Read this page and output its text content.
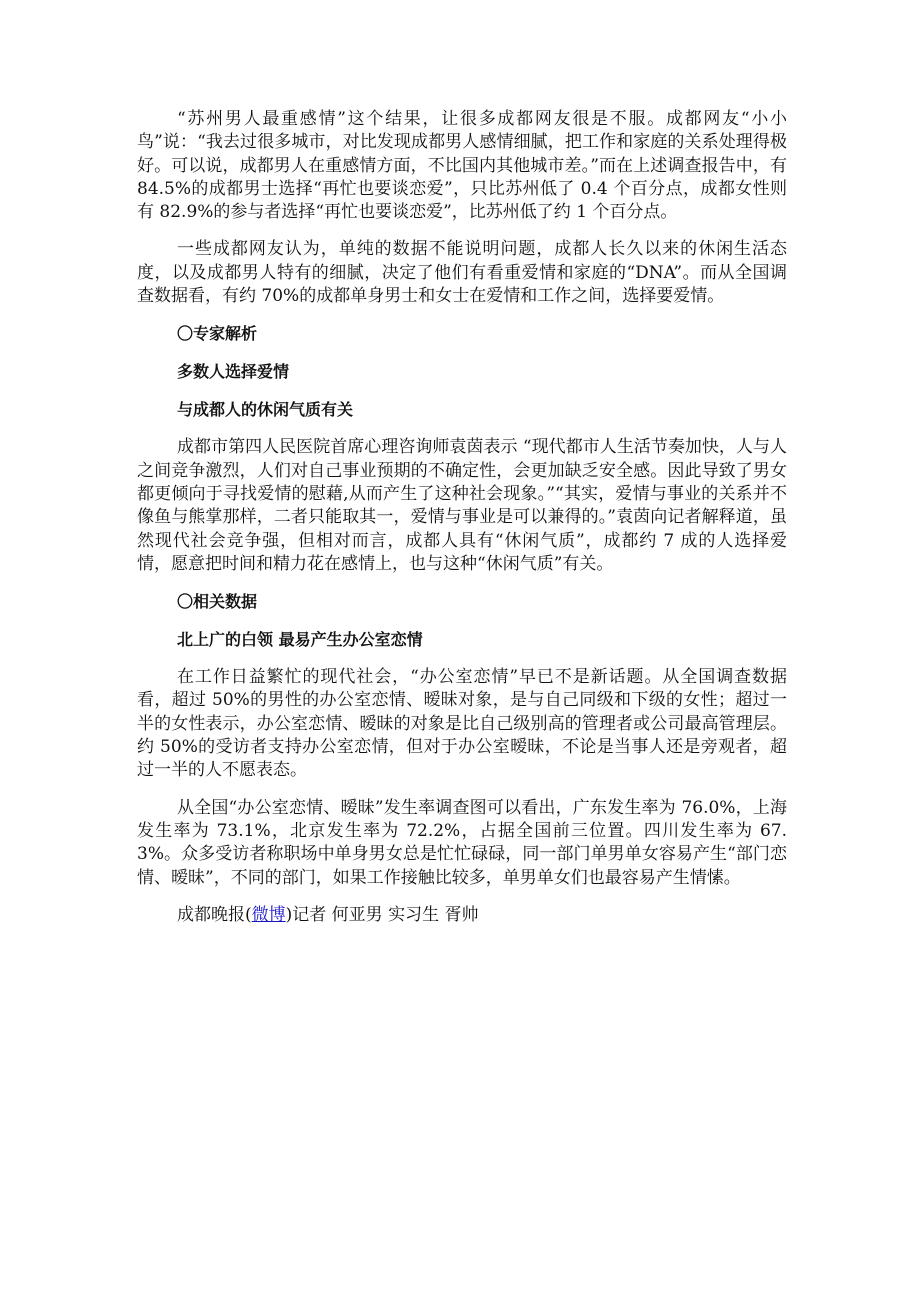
“苏州男人最重感情”这个结果，让很多成都网友很是不服。成都网友“小小鸟”说：“我去过很多城市，对比发现成都男人感情细腻，把工作和家庭的关系处理得极好。可以说，成都男人在重感情方面，不比国内其他城市差。”而在上述调查报告中，有 84.5%的成都男士选择“再忙也要谈恋爱”，只比苏州低了 0.4 个百分点，成都女性则有 82.9%的参与者选择“再忙也要谈恋爱”，比苏州低了约 1 个百分点。

一些成都网友认为，单纯的数据不能说明问题，成都人长久以来的休闲生活态度，以及成都男人特有的细腻，决定了他们有看重爱情和家庭的“DNA”。而从全国调查数据看，有约 70%的成都单身男士和女士在爱情和工作之间，选择要爱情。

〇专家解析
多数人选择爱情
与成都人的休闲气质有关

成都市第四人民医院首席心理咨询师袁茵表示 “现代都市人生活节奏加快，人与人之间竞争激烈，人们对自己事业预期的不确定性，会更加缺乏安全感。因此导致了男女都更倾向于寻找爱情的慰藉,从而产生了这种社会现象。”“其实，爱情与事业的关系并不像鱼与熊掌那样，二者只能取其一，爱情与事业是可以兼得的。”袁茵向记者解释道，虽然现代社会竞争强，但相对而言，成都人具有“休闲气质”，成都约 7 成的人选择爱情，愿意把时间和精力花在感情上，也与这种“休闲气质”有关。

〇相关数据
北上广的白领 最易产生办公室恋情

在工作日益繁忙的现代社会，“办公室恋情”早已不是新话题。从全国调查数据看，超过 50%的男性的办公室恋情、暧昧对象，是与自己同级和下级的女性；超过一半的女性表示，办公室恋情、暧昧的对象是比自己级别高的管理者或公司最高管理层。约 50%的受访者支持办公室恋情，但对于办公室暧昧，不论是当事人还是旁观者，超过一半的人不愿表态。

从全国“办公室恋情、暧昧”发生率调查图可以看出，广东发生率为 76.0%，上海发生率为 73.1%，北京发生率为 72.2%，占据全国前三位置。四川发生率为 67.3%。众多受访者称职场中单身男女总是忙忙碌碌，同一部门单男单女容易产生“部门恋情、暧昧”，不同的部门，如果工作接触比较多，单男单女们也最容易产生情愫。

成都晚报(微博)记者 何亚男 实习生 胥帅
